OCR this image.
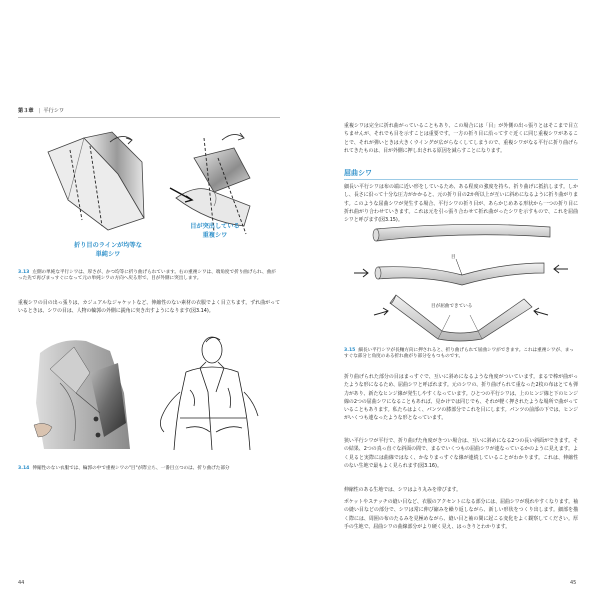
第３章 | 平行シワ
折り目のラインが均等な
単純シワ
目が突出している
重複シワ
3.13 左側の単純な平行シワは、厚さが、かつ均等に折り曲げられています。右の重複シワは、端角度で折り曲げられ、曲がった先で再びまっすぐになって元の単純シワの方向へ戻る形で、目が外側に突出します。
重複シワの目の出っ張りは、カジュアルなジャケットなど、伸縮性のない素材の衣服でよく目立ちます。ずれ曲がっているときは、シワの目は、人物の輪郭の外側に鋭角に突き出すようになります(図3.14)。
3.14 伸縮性のない衣服では、輪郭の中で重複シワの"目"が際立ち、一番目立つのは、折り曲げた部分
44
重複シワは完全に折れ曲がっていることもあり、この場合には「目」が外側の出っ張りとはそこまで目立ちませんが、それでも目を示すことは重要です。一方の折り目に沿ってすぐ近くに同じ重複シワがあることで、それが弾いときは大きくウイングが広がらなくしてしまうので、重複シワがなる平行に折り曲げられてきたものは、目が外側に押し出される原因を減らすことになります。
屈曲シワ
細長い平行シワは布の端に近い形をしているため、ある程度の強度を持ち、折り曲げに抵抗します。しかし、長さに沿って十分な圧力がかかると、元の折り目の2か所以上が互いに斜めになるように折り曲がります。このような屈曲シワが発生する場合、平行シワの折り目が、あらかじめある形状から一つの折り目に折れ曲がり合わせていきます。これは元を引っ張り合わせて折れ曲がったシワを示すもので、これを屈曲シワと呼びます(図3.15)。
目
目が屈曲できている
3.15 細長い平行シワが長軸方向に押されると、折り曲げられて屈曲シワができます。これは重複シワが、まっすぐな部分と角度のある折れ曲がり部分をもつものです。
折り曲げられた部分の目はまっすぐで、互いに斜めになるような角度がついています。まるで棒が曲がったような形になるため、屈曲シワと呼ばれます。元のシワの、折り曲げられて重なった2枚の布はとても弾力があり、新たなヒンジ線が発生しやすくなっています。ひとつの平行シワは、上のヒンジ線と下のヒンジ線の2つの屈曲シワになることもあれば、見かけでは同じでも、それが軽く押されたような場所で曲がっていることもあります。私たちはよく、パンツの膝部分でこれを目にします。パンツの前部の下では、ヒンジがいくつも連なったような形となっています。
狭い平行シワが平行で、折り曲げた角度がきつい場合は、互いに斜めになる2つの長い斜面ができます。その結果、2つの真っ直ぐな斜面の間で、まるでいくつもの屈曲シワが連なっているかのように見えます。よく見ると実際には曲線ではなく、かなりまっすぐな線が連続していることがわかります。これは、伸縮性のない生地で最もよく見られます(図3.16)。
伸縮性のある生地では、シワはより丸みを帯びます。
ポケットやステッチの縫い目など、衣服のアクセントになる部分には、屈曲シワが現れやすくなります。袖の縫い目などの部分で、シワは常に伸び縮みを繰り返しながら、新しい形状をつくり出します。細部を描く際には、周囲の布のたるみを見極めながら、縫い目と袖の間に起こる変化をよく観察してください。厚手の生地で、屈曲シワの曲線部分がより硬く見え、はっきりとわかります。
45
